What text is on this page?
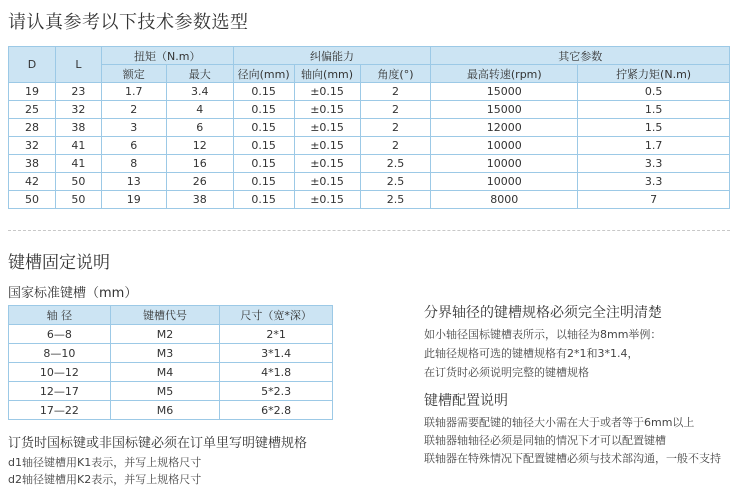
请认真参考以下技术参数选型
D	L	扭矩（N.m）		纠偏能力			其它参数	
		额定	最大	径向(mm)	轴向(mm)	角度(°)	最高转速(rpm)	拧紧力矩(N.m)
19	23	1.7	3.4	0.15	±0.15	2	15000	0.5
25	32	2	4	0.15	±0.15	2	15000	1.5
28	38	3	6	0.15	±0.15	2	12000	1.5
32	41	6	12	0.15	±0.15	2	10000	1.7
38	41	8	16	0.15	±0.15	2.5	10000	3.3
42	50	13	26	0.15	±0.15	2.5	10000	3.3
50	50	19	38	0.15	±0.15	2.5	8000	7
键槽固定说明
国家标准键槽（mm）
轴 径	键槽代号	尺寸（宽*深）
6—8	M2	2*1
8—10	M3	3*1.4
10—12	M4	4*1.8
12—17	M5	5*2.3
17—22	M6	6*2.8
订货时国标键或非国标键必须在订单里写明键槽规格
d1轴径键槽用K1表示，并写上规格尺寸
d2轴径键槽用K2表示，并写上规格尺寸
分界轴径的键槽规格必须完全注明清楚
如小轴径国标键槽表所示，以轴径为8mm举例：
此轴径规格可选的键槽规格有2*1和3*1.4，
在订货时必须说明完整的键槽规格
键槽配置说明
联轴器需要配键的轴径大小需在大于或者等于6mm以上
联轴器轴轴径必须是同轴的情况下才可以配置键槽
联轴器在特殊情况下配置键槽必须与技术部沟通，一般不支持
